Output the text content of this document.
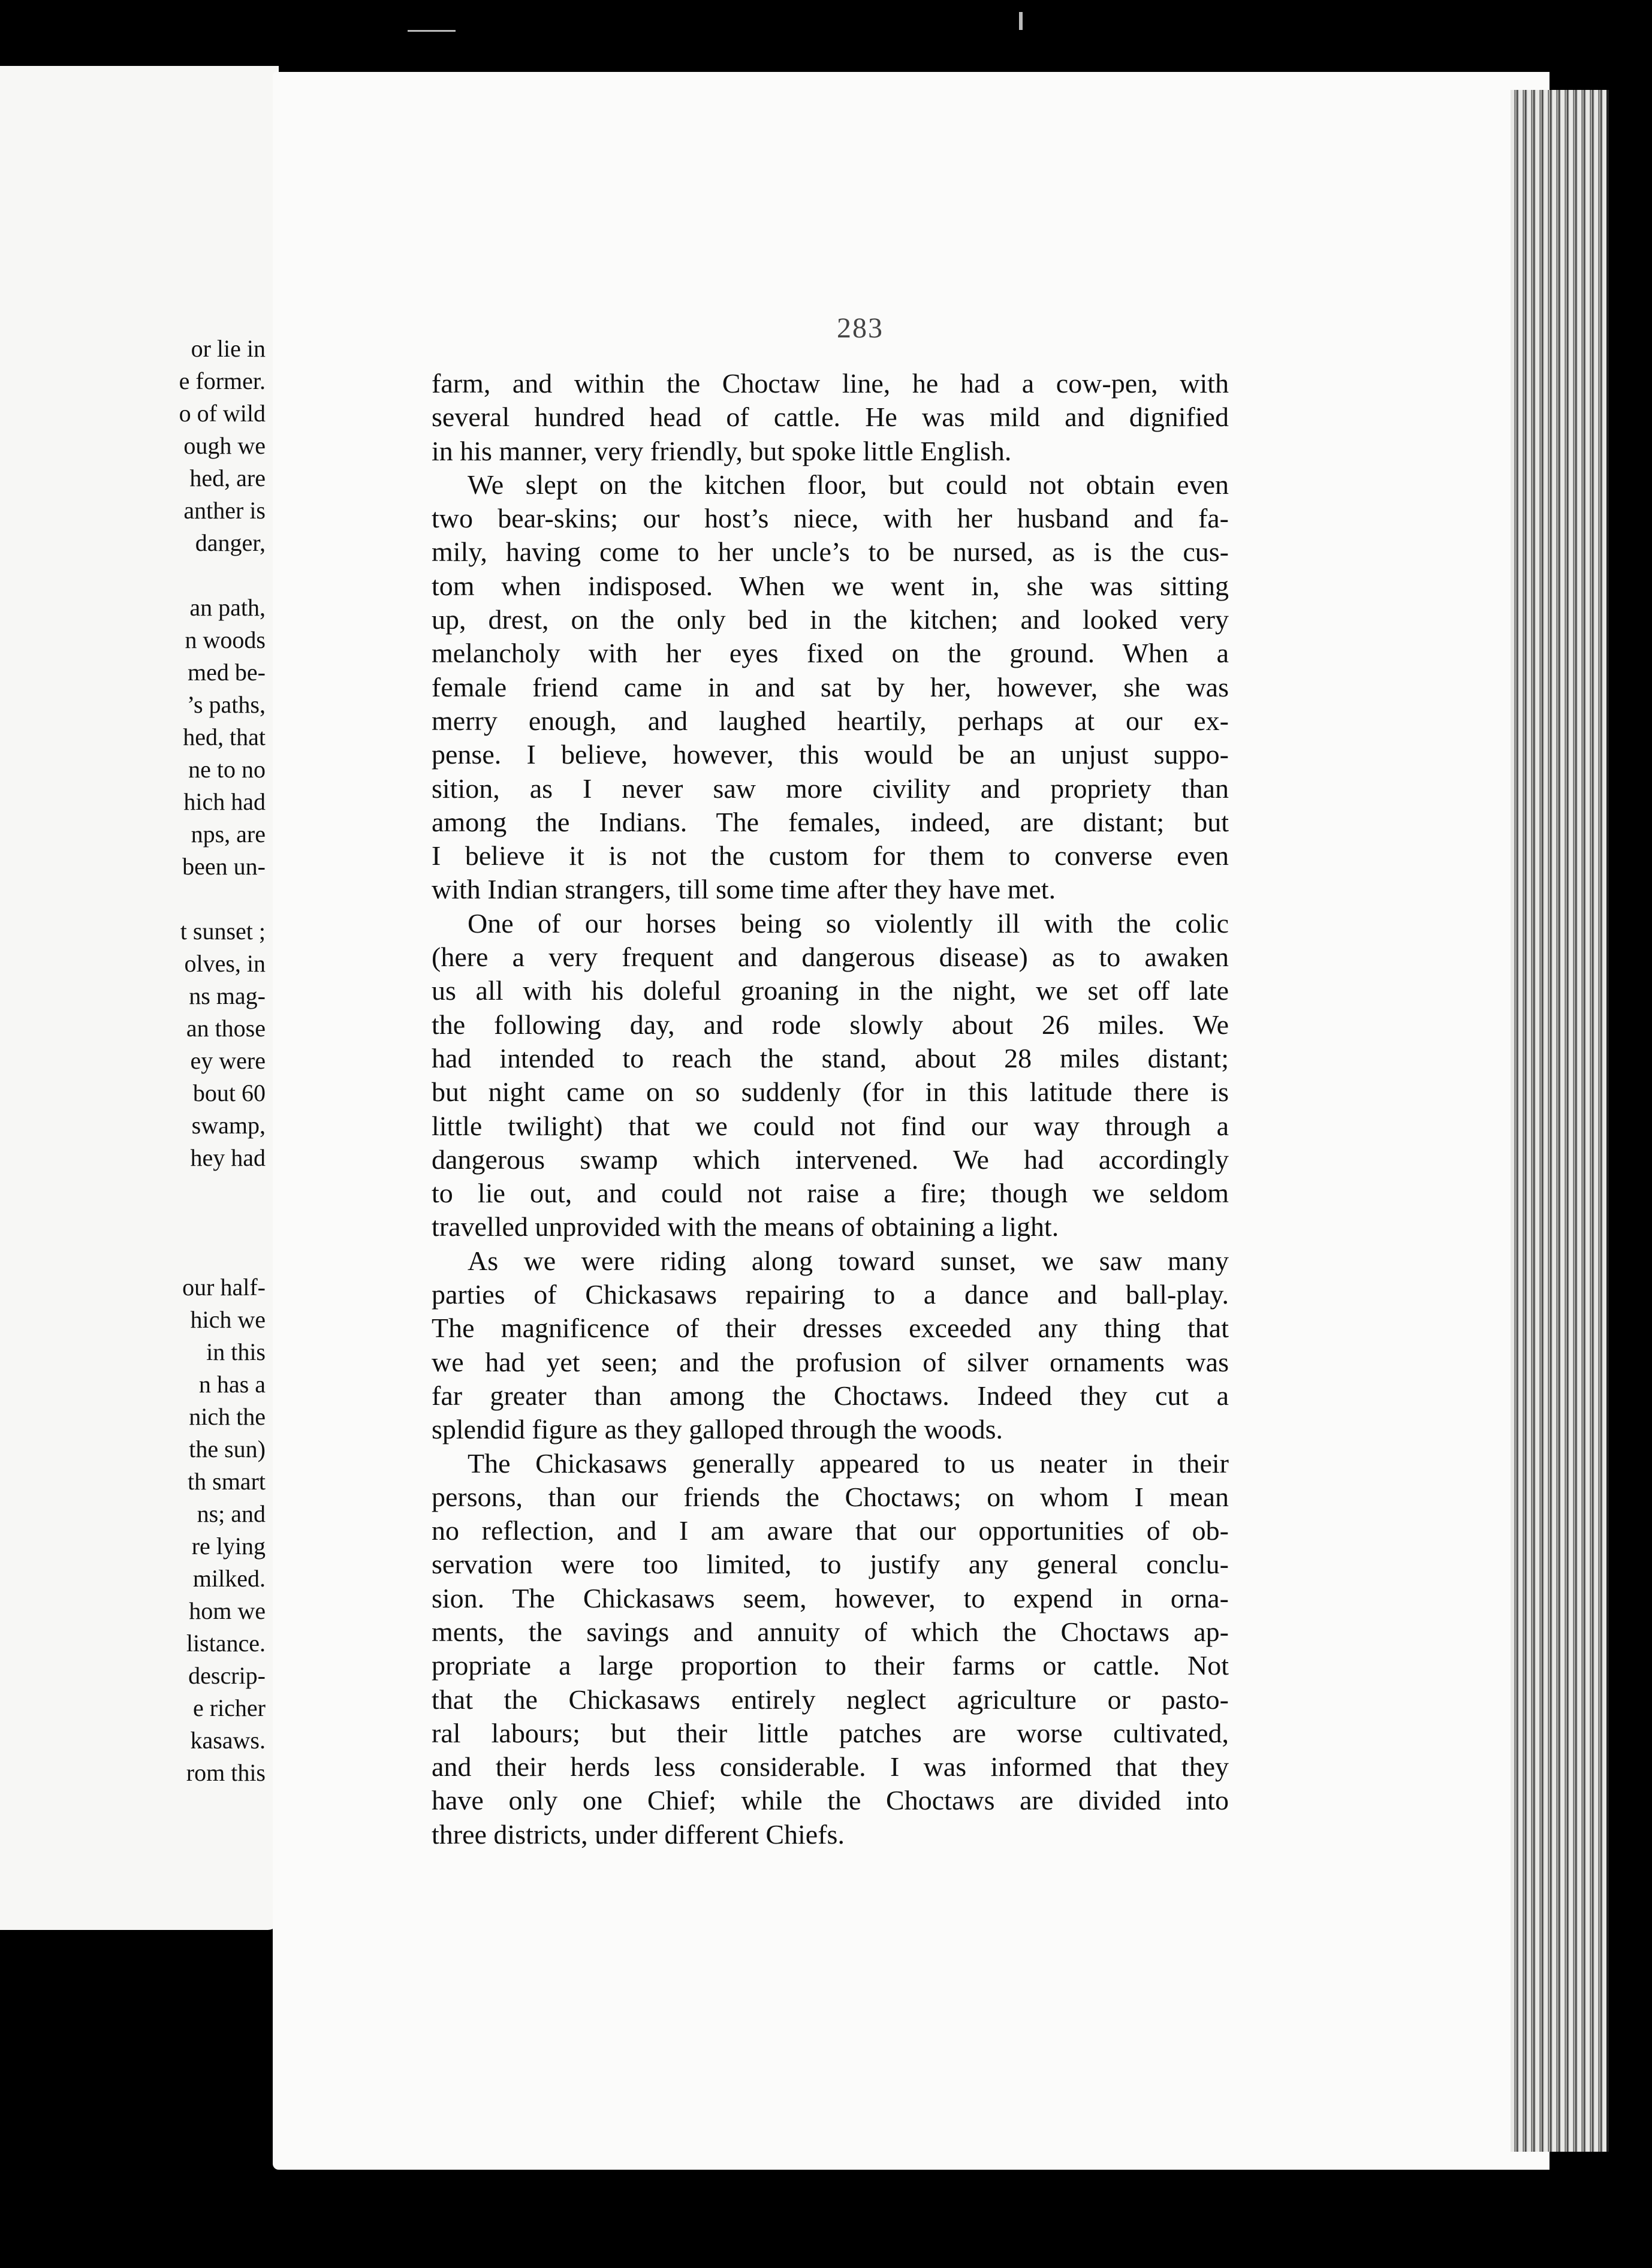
or lie in
e former.
o of wild
ough we
hed, are
anther is
danger,
an path,
n woods
med be-
’s paths,
hed, that
ne to no
hich had
nps, are
been un-
t sunset ;
olves, in
ns mag-
an those
ey were
bout 60
swamp,
hey had
our half-
hich we
in this
n has a
nich the
the sun)
th smart
ns; and
re lying
milked.
hom we
listance.
descrip-
e richer
kasaws.
rom this
283
farm, and within the Choctaw line, he had a cow-pen, with
several hundred head of cattle. He was mild and dignified
in his manner, very friendly, but spoke little English.
We slept on the kitchen floor, but could not obtain even
two bear-skins; our host’s niece, with her husband and fa-
mily, having come to her uncle’s to be nursed, as is the cus-
tom when indisposed. When we went in, she was sitting
up, drest, on the only bed in the kitchen; and looked very
melancholy with her eyes fixed on the ground. When a
female friend came in and sat by her, however, she was
merry enough, and laughed heartily, perhaps at our ex-
pense. I believe, however, this would be an unjust suppo-
sition, as I never saw more civility and propriety than
among the Indians. The females, indeed, are distant; but
I believe it is not the custom for them to converse even
with Indian strangers, till some time after they have met.
One of our horses being so violently ill with the colic
(here a very frequent and dangerous disease) as to awaken
us all with his doleful groaning in the night, we set off late
the following day, and rode slowly about 26 miles. We
had intended to reach the stand, about 28 miles distant;
but night came on so suddenly (for in this latitude there is
little twilight) that we could not find our way through a
dangerous swamp which intervened. We had accordingly
to lie out, and could not raise a fire; though we seldom
travelled unprovided with the means of obtaining a light.
As we were riding along toward sunset, we saw many
parties of Chickasaws repairing to a dance and ball-play.
The magnificence of their dresses exceeded any thing that
we had yet seen; and the profusion of silver ornaments was
far greater than among the Choctaws. Indeed they cut a
splendid figure as they galloped through the woods.
The Chickasaws generally appeared to us neater in their
persons, than our friends the Choctaws; on whom I mean
no reflection, and I am aware that our opportunities of ob-
servation were too limited, to justify any general conclu-
sion. The Chickasaws seem, however, to expend in orna-
ments, the savings and annuity of which the Choctaws ap-
propriate a large proportion to their farms or cattle. Not
that the Chickasaws entirely neglect agriculture or pasto-
ral labours; but their little patches are worse cultivated,
and their herds less considerable. I was informed that they
have only one Chief; while the Choctaws are divided into
three districts, under different Chiefs.
